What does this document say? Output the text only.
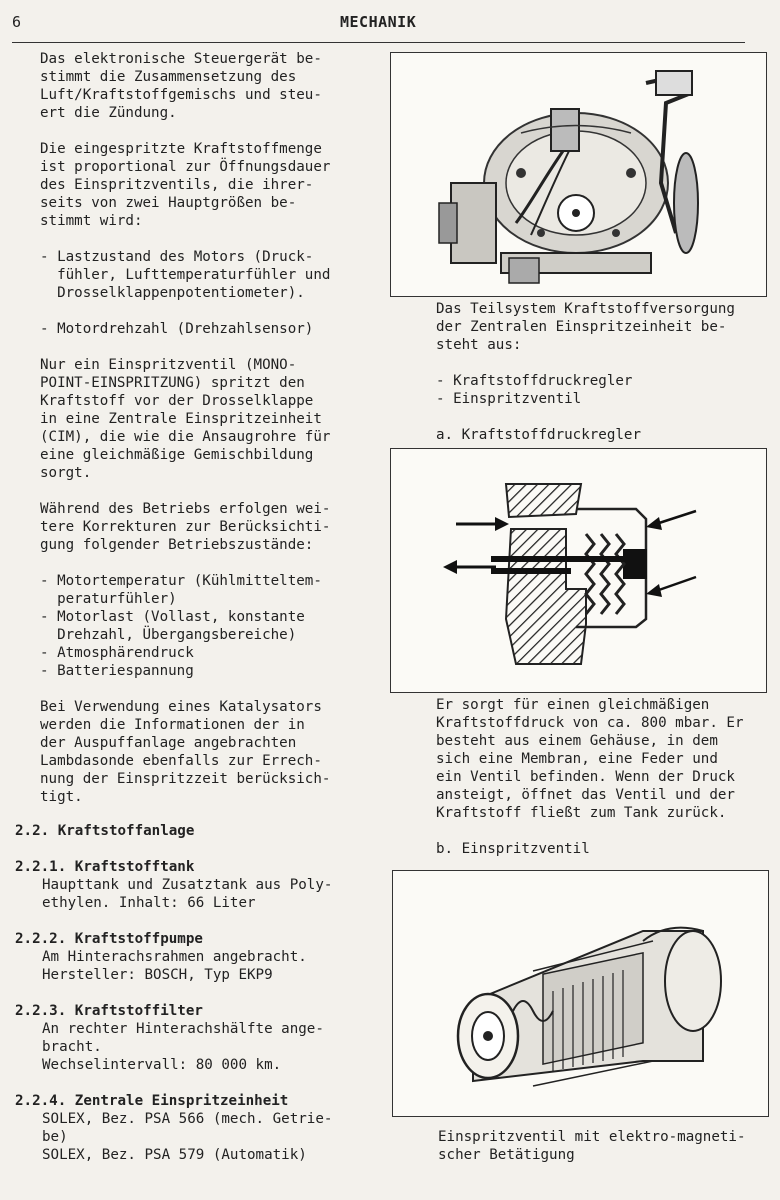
6	MECHANIK
Das elektronische Steuergerät be-
stimmt die Zusammensetzung des
Luft/Kraftstoffgemischs und steu-
ert die Zündung.
Die eingespritzte Kraftstoffmenge
ist proportional zur Öffnungsdauer
des Einspritzventils, die ihrer-
seits von zwei Hauptgrößen be-
stimmt wird:
- Lastzustand des Motors (Druck-
fühler, Lufttemperaturfühler und
Drosselklappenpotentiometer).
- Motordrehzahl (Drehzahlsensor)
Nur ein Einspritzventil (MONO-
POINT-EINSPRITZUNG) spritzt den
Kraftstoff vor der Drosselklappe
in eine Zentrale Einspritzeinheit
(CIM), die wie die Ansaugrohre für
eine gleichmäßige Gemischbildung
sorgt.
Während des Betriebs erfolgen wei-
tere Korrekturen zur Berücksichti-
gung folgender Betriebszustände:
- Motortemperatur (Kühlmitteltem-
peraturfühler)
- Motorlast (Vollast, konstante
Drehzahl, Übergangsbereiche)
- Atmosphärendruck
- Batteriespannung
Bei Verwendung eines Katalysators
werden die Informationen der in
der Auspuffanlage angebrachten
Lambdasonde ebenfalls zur Errech-
nung der Einspritzzeit berücksich-
tigt.
2.2. Kraftstoffanlage
2.2.1. Kraftstofftank
Haupttank und Zusatztank aus Poly-
ethylen. Inhalt: 66 Liter
2.2.2. Kraftstoffpumpe
Am Hinterachsrahmen angebracht.
Hersteller: BOSCH, Typ EKP9
2.2.3. Kraftstoffilter
An rechter Hinterachshälfte ange-
bracht.
Wechselintervall: 80 000 km.
2.2.4. Zentrale Einspritzeinheit
SOLEX, Bez. PSA 566 (mech. Getrie-
be)
SOLEX, Bez. PSA 579 (Automatik)
Das Teilsystem Kraftstoffversorgung
der Zentralen Einspritzeinheit be-
steht aus:
- Kraftstoffdruckregler
- Einspritzventil
a. Kraftstoffdruckregler
Er sorgt für einen gleichmäßigen
Kraftstoffdruck von ca. 800 mbar. Er
besteht aus einem Gehäuse, in dem
sich eine Membran, eine Feder und
ein Ventil befinden. Wenn der Druck
ansteigt, öffnet das Ventil und der
Kraftstoff fließt zum Tank zurück.
b. Einspritzventil
Einspritzventil mit elektro-magneti-
scher Betätigung
